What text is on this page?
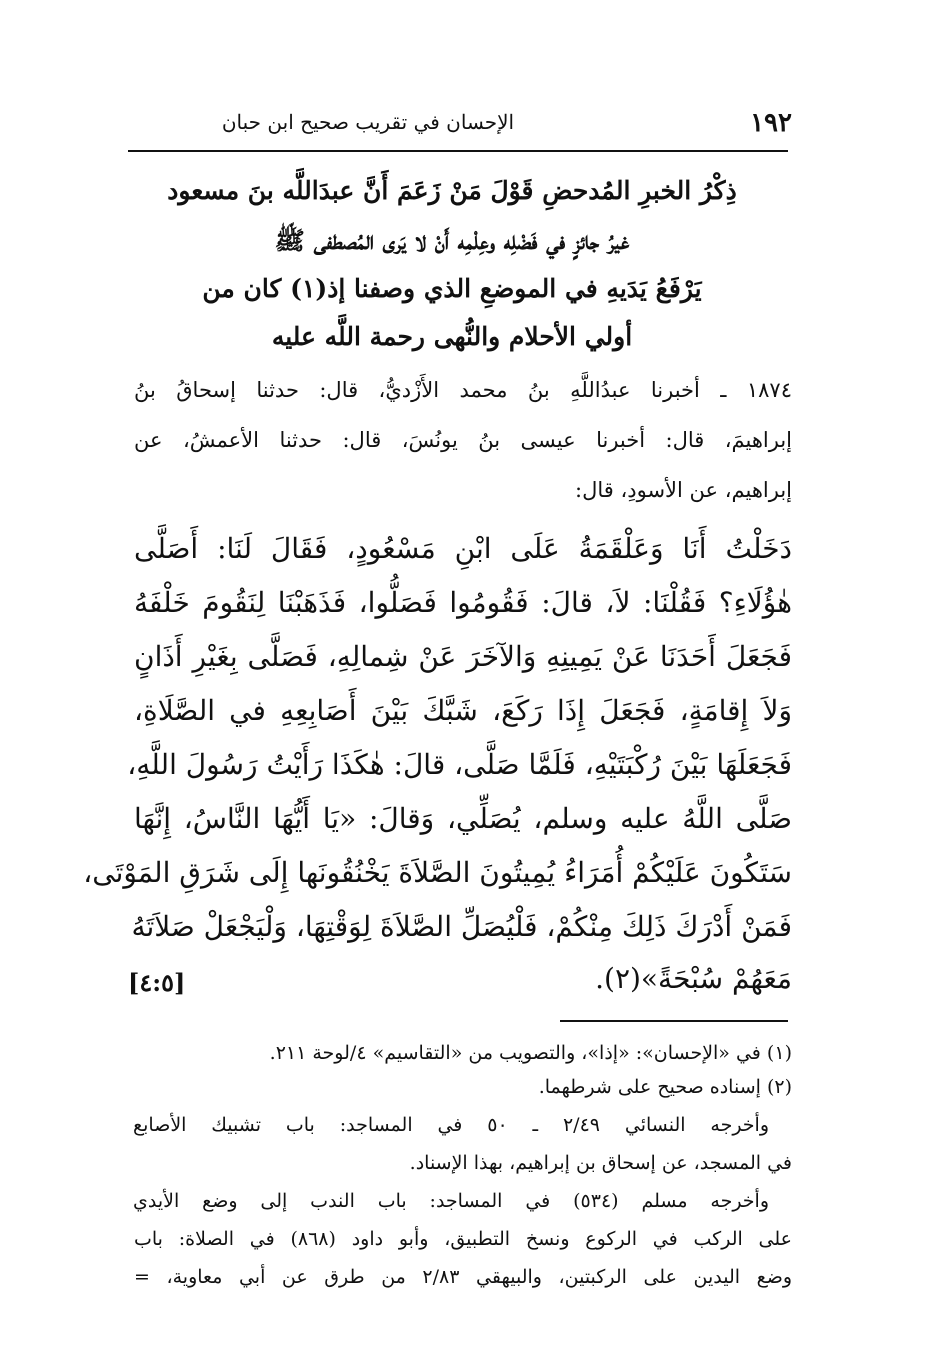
١٩٢
الإحسان في تقريب صحيح ابن حبان
ذِكْرُ الخبرِ المُدحضِ قَوْلَ مَنْ زَعَمَ أَنَّ عبدَاللَّه بنَ مسعود
غيرُ جائزٍ في فَضْلِه وعِلْمِه أَنْ لا يَرى المُصطفى ﷺ
يَرْفَعُ يَدَيهِ في الموضعِ الذي وصفنا إذ(١) كان من
أولي الأحلام والنُّهى رحمة اللَّه عليه
١٨٧٤ ـ أخبرنا عبدُاللَّهِ بنُ محمد الأَزْديُّ، قال: حدثنا إسحاقُ بنُ
إبراهيمَ، قال: أخبرنا عيسى بنُ يونُسَ، قال: حدثنا الأعمشُ، عن
إبراهيم، عن الأسودِ، قال:
دَخَلْتُ أَنَا وَعَلْقَمَةُ عَلَى ابْنِ مَسْعُودٍ، فَقَالَ لَنَا: أَصَلَّى
هٰؤُلَاءِ؟ فَقُلْنَا: لاَ، قالَ: فَقُومُوا فَصَلُّوا، فَذَهَبْنَا لِنَقُومَ خَلْفَهُ
فَجَعَلَ أَحَدَنَا عَنْ يَمِينِهِ وَالآخَرَ عَنْ شِمالِهِ، فَصَلَّى بِغَيْرِ أَذَانٍ
وَلاَ إِقامَةٍ، فَجَعَلَ إِذَا رَكَعَ، شَبَّكَ بَيْنَ أَصَابِعِهِ في الصَّلَاةِ،
فَجَعَلَهَا بَيْنَ رُكْبَتَيْهِ، فَلَمَّا صَلَّى، قالَ: هٰكَذَا رَأَيْتُ رَسُولَ اللَّهِ،
صَلَّى اللَّهُ عليه وسلم، يُصَلِّي، وَقالَ: «يَا أَيُّهَا النَّاسُ، إِنَّهَا
سَتَكُونَ عَلَيْكُمْ أُمَرَاءُ يُمِيتُونَ الصَّلاَةَ يَخْنُقُونَها إِلَى شَرَقِ المَوْتَى،
فَمَنْ أَدْرَكَ ذَلِكَ مِنْكُمْ، فَلْيُصَلِّ الصَّلاَةَ لِوَقْتِهَا، وَلْيَجْعَلْ صَلاَتَهُ
مَعَهُمْ سُبْحَةً»(٢).
[٤:٥]
(١) في «الإحسان»: «إذا»، والتصويب من «التقاسيم» ٤/لوحة ٢١١.
(٢) إسناده صحيح على شرطهما.
وأخرجه النسائي ٢/٤٩ ـ ٥٠ في المساجد: باب تشبيك الأصابع
في المسجد، عن إسحاق بن إبراهيم، بهذا الإسناد.
وأخرجه مسلم (٥٣٤) في المساجد: باب الندب إلى وضع الأيدي
على الركب في الركوع ونسخ التطبيق، وأبو داود (٨٦٨) في الصلاة: باب
وضع اليدين على الركبتين، والبيهقي ٢/٨٣ من طرق عن أبي معاوية، =
